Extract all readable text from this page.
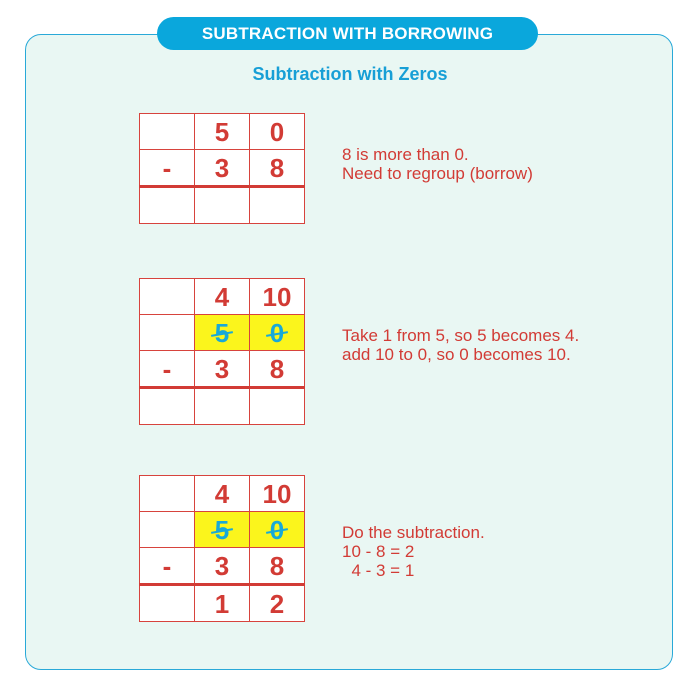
SUBTRACTION WITH BORROWING
Subtraction with Zeros
	5	0
-	3	8
			8 is more than 0.
Need to regroup (borrow)
	4	10
	5	0
-	3	8

Take 1 from 5, so 5 becomes 4.
add 10 to 0, so 0 becomes 10.
	4	10
	5	0
-	3	8
	1	2
Do the subtraction.
10 - 8 = 2
4 - 3 = 1
